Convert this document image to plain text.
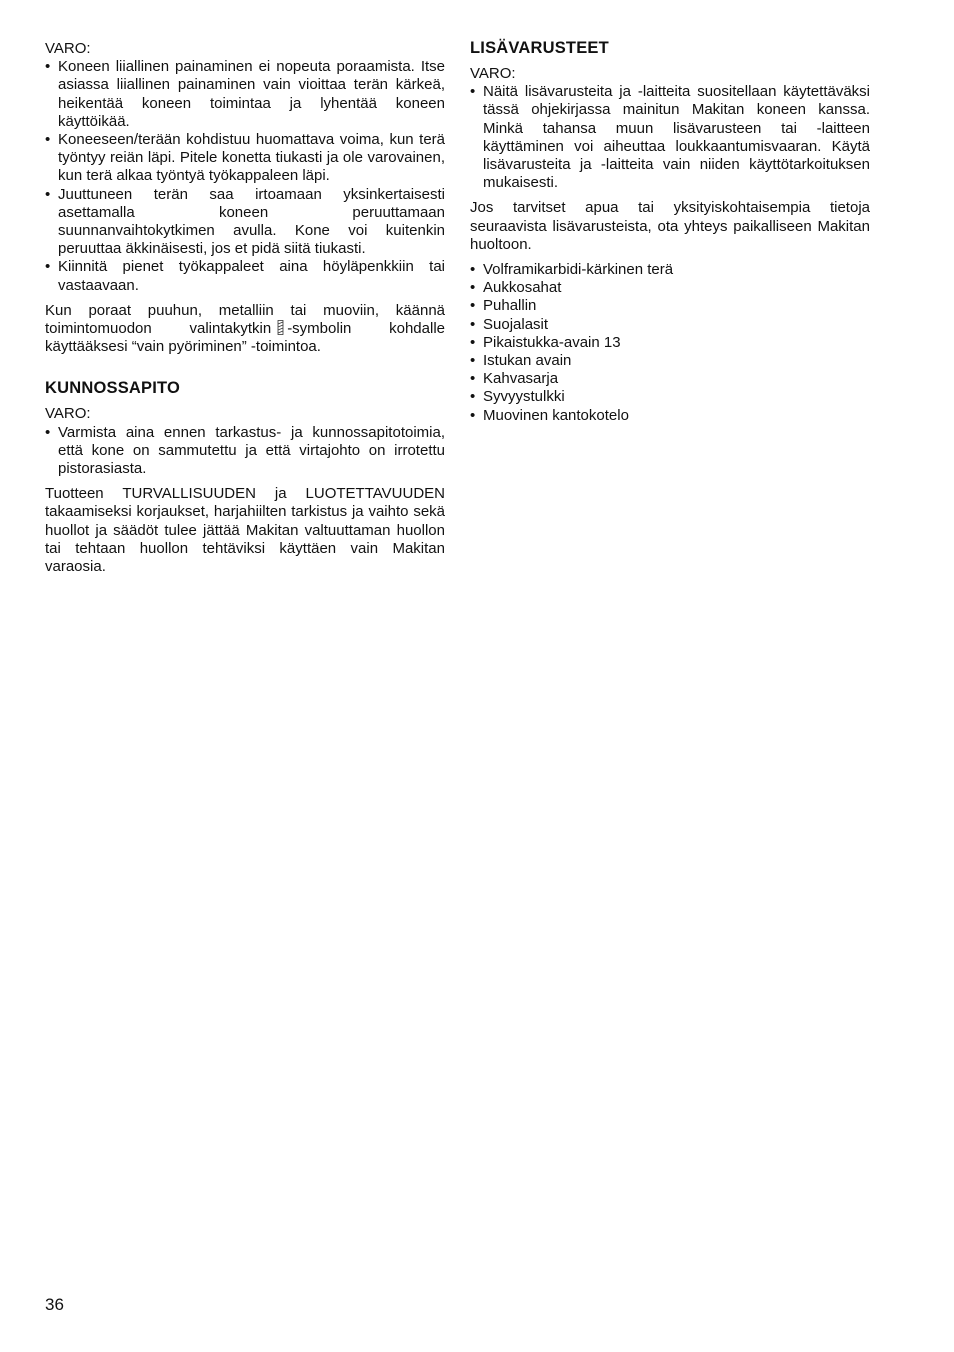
VARO:

• Koneen liiallinen painaminen ei nopeuta poraamista. Itse asiassa liiallinen painaminen vain vioittaa terän kärkeä, heikentää koneen toimintaa ja lyhentää koneen käyttöikää.
• Koneeseen/terään kohdistuu huomattava voima, kun terä työntyy reiän läpi. Pitele konetta tiukasti ja ole varovainen, kun terä alkaa työntyä työkappaleen läpi.
• Juuttuneen terän saa irtoamaan yksinkertaisesti asettamalla koneen peruuttamaan suunnanvaihtokytkimen avulla. Kone voi kuitenkin peruuttaa äkkinäisesti, jos et pidä siitä tiukasti.
• Kiinnitä pienet työkappaleet aina höyläpenkkiin tai vastaavaan.

Kun poraat puuhun, metalliin tai muoviin, käännä toimintomuodon valintakytkin -symbolin kohdalle käyttääksesi “vain pyöriminen” -toimintoa.

KUNNOSSAPITO

VARO:

• Varmista aina ennen tarkastus- ja kunnossapitotoimia, että kone on sammutettu ja että virtajohto on irrotettu pistorasiasta.

Tuotteen TURVALLISUUDEN ja LUOTETTAVUUDEN takaamiseksi korjaukset, harjahiilten tarkistus ja vaihto sekä huollot ja säädöt tulee jättää Makitan valtuuttaman huollon tai tehtaan huollon tehtäviksi käyttäen vain Makitan varaosia.

LISÄVARUSTEET

VARO:

• Näitä lisävarusteita ja -laitteita suositellaan käytettäväksi tässä ohjekirjassa mainitun Makitan koneen kanssa. Minkä tahansa muun lisävarusteen tai -laitteen käyttäminen voi aiheuttaa loukkaantumisvaaran. Käytä lisävarusteita ja -laitteita vain niiden käyttötarkoituksen mukaisesti.

Jos tarvitset apua tai yksityiskohtaisempia tietoja seuraavista lisävarusteista, ota yhteys paikalliseen Makitan huoltoon.

• Volframikarbidi-kärkinen terä
• Aukkosahat
• Puhallin
• Suojalasit
• Pikaistukka-avain 13
• Istukan avain
• Kahvasarja
• Syvyystulkki
• Muovinen kantokotelo
36
